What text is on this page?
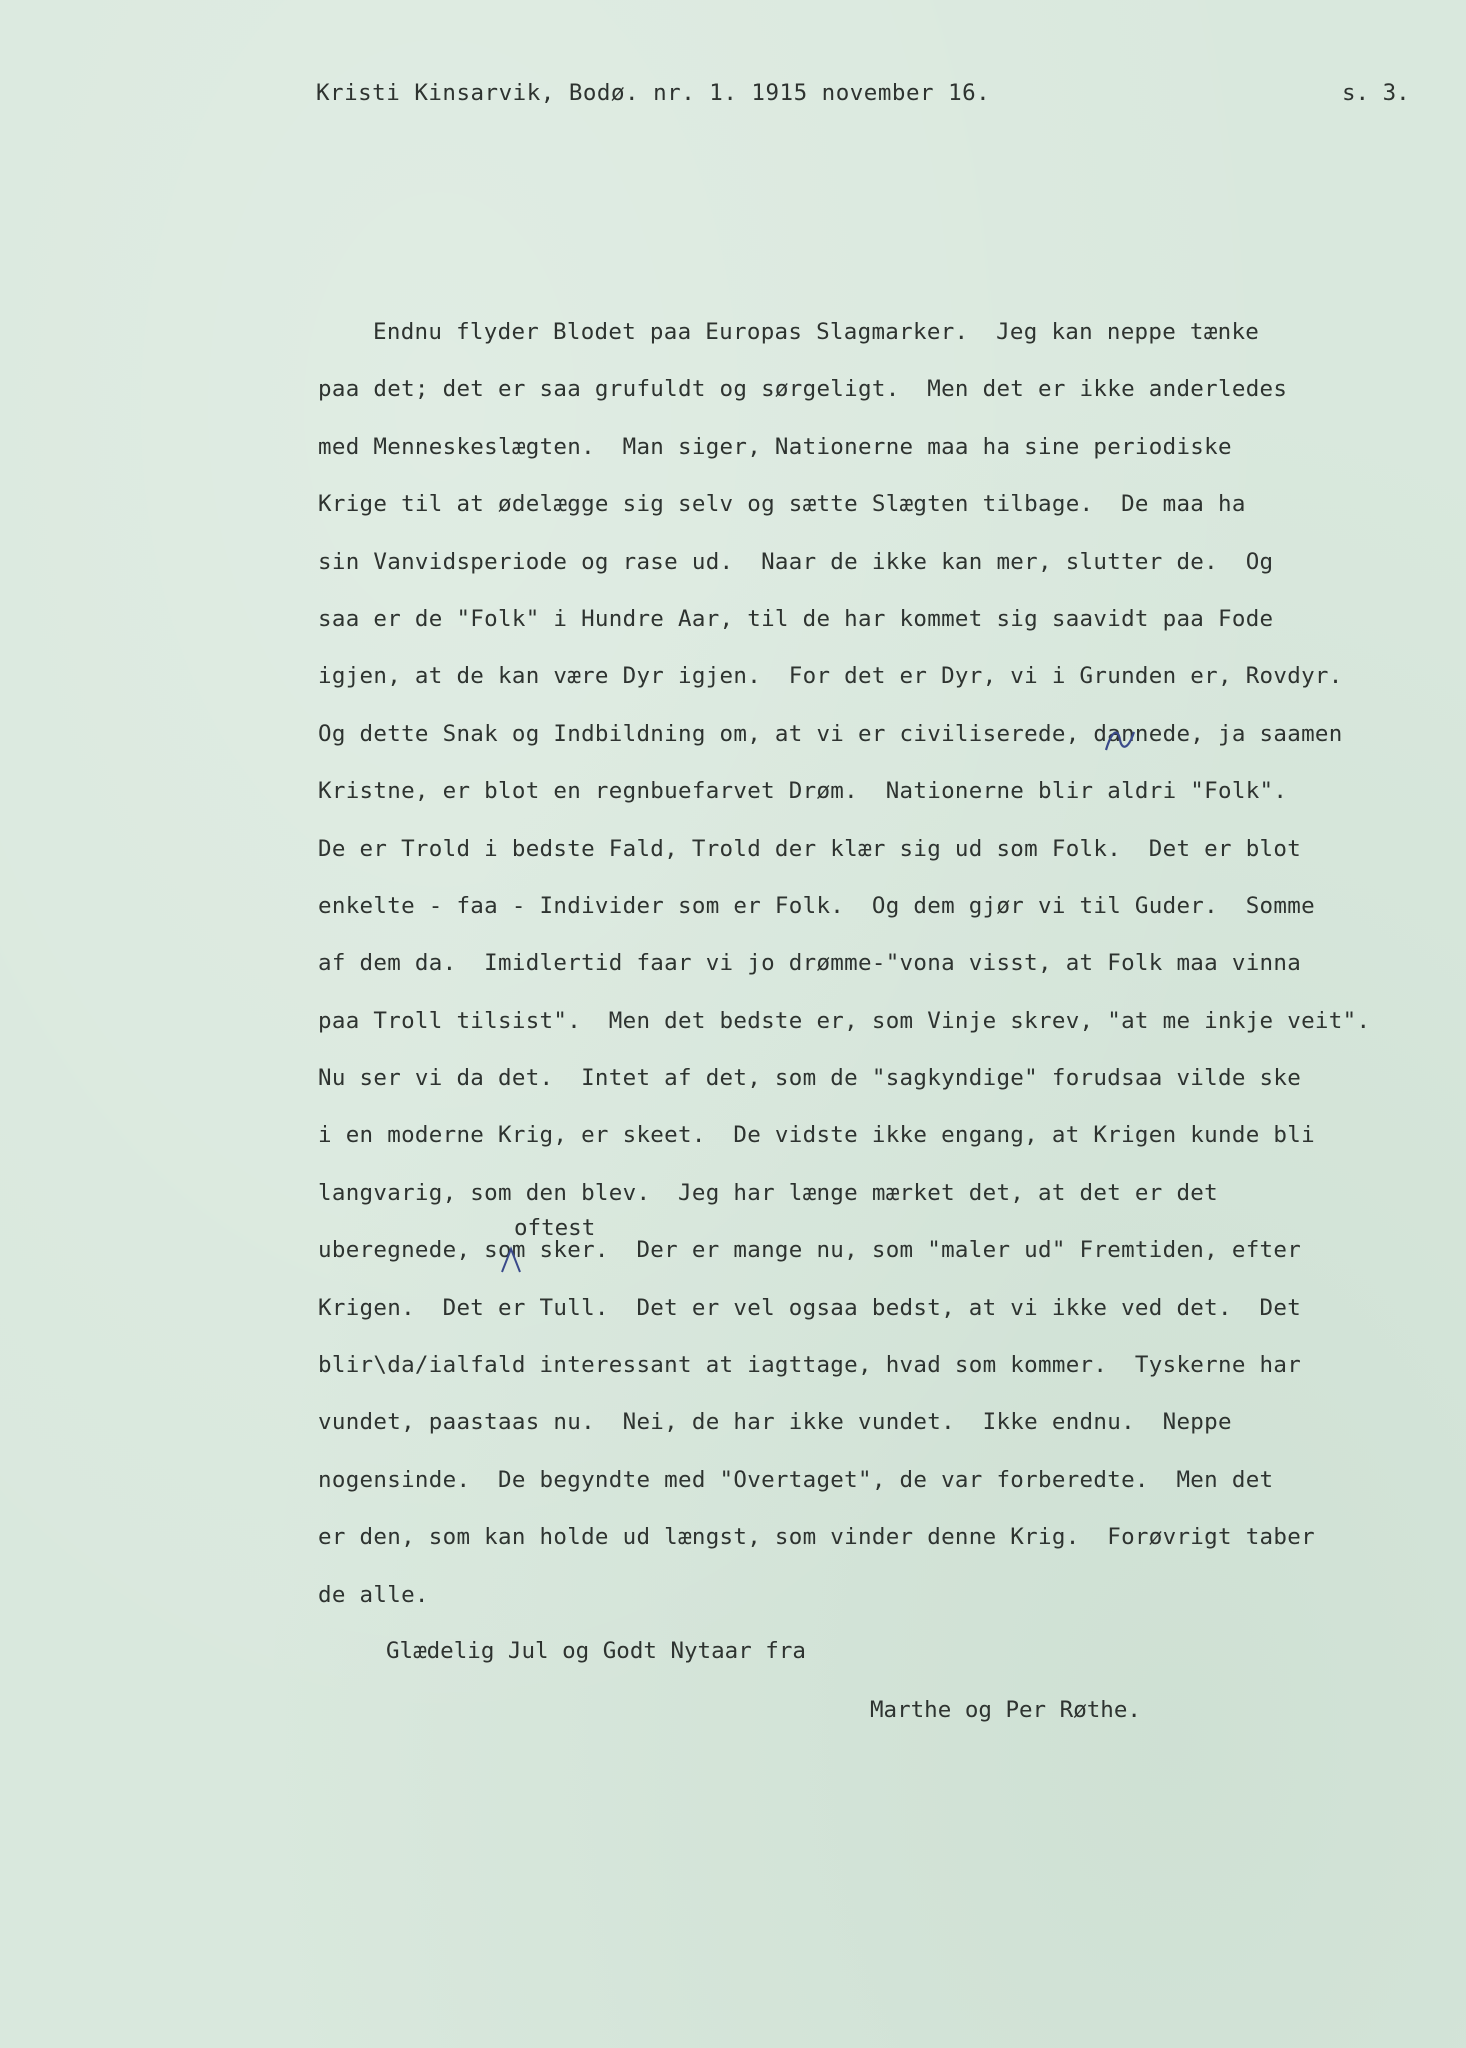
Kristi Kinsarvik, Bodø. nr. 1. 1915 november 16.	s. 3.
Endnu flyder Blodet paa Europas Slagmarker.  Jeg kan neppe tænke
paa det; det er saa grufuldt og sørgeligt.  Men det er ikke anderledes
med Menneskeslægten.  Man siger, Nationerne maa ha sine periodiske
Krige til at ødelægge sig selv og sætte Slægten tilbage.  De maa ha
sin Vanvidsperiode og rase ud.  Naar de ikke kan mer, slutter de.  Og
saa er de "Folk" i Hundre Aar, til de har kommet sig saavidt paa Fode
igjen, at de kan være Dyr igjen.  For det er Dyr, vi i Grunden er, Rovdyr.
Og dette Snak og Indbildning om, at vi er civiliserede, dannede, ja saamen
Kristne, er blot en regnbuefarvet Drøm.  Nationerne blir aldri "Folk".
De er Trold i bedste Fald, Trold der klær sig ud som Folk.  Det er blot
enkelte - faa - Individer som er Folk.  Og dem gjør vi til Guder.  Somme
af dem da.  Imidlertid faar vi jo drømme-"vona visst, at Folk maa vinna
paa Troll tilsist".  Men det bedste er, som Vinje skrev, "at me inkje veit".
Nu ser vi da det.  Intet af det, som de "sagkyndige" forudsaa vilde ske
i en moderne Krig, er skeet.  De vidste ikke engang, at Krigen kunde bli
langvarig, som den blev.  Jeg har længe mærket det, at det er det
uberegnede, som sker.  Der er mange nu, som "maler ud" Fremtiden, efter
Krigen.  Det er Tull.  Det er vel ogsaa bedst, at vi ikke ved det.  Det
blir\da/ialfald interessant at iagttage, hvad som kommer.  Tyskerne har
vundet, paastaas nu.  Nei, de har ikke vundet.  Ikke endnu.  Neppe
nogensinde.  De begyndte med "Overtaget", de var forberedte.  Men det
er den, som kan holde ud længst, som vinder denne Krig.  Forøvrigt taber
de alle.
oftest
Glædelig Jul og Godt Nytaar fra
Marthe og Per Røthe.
